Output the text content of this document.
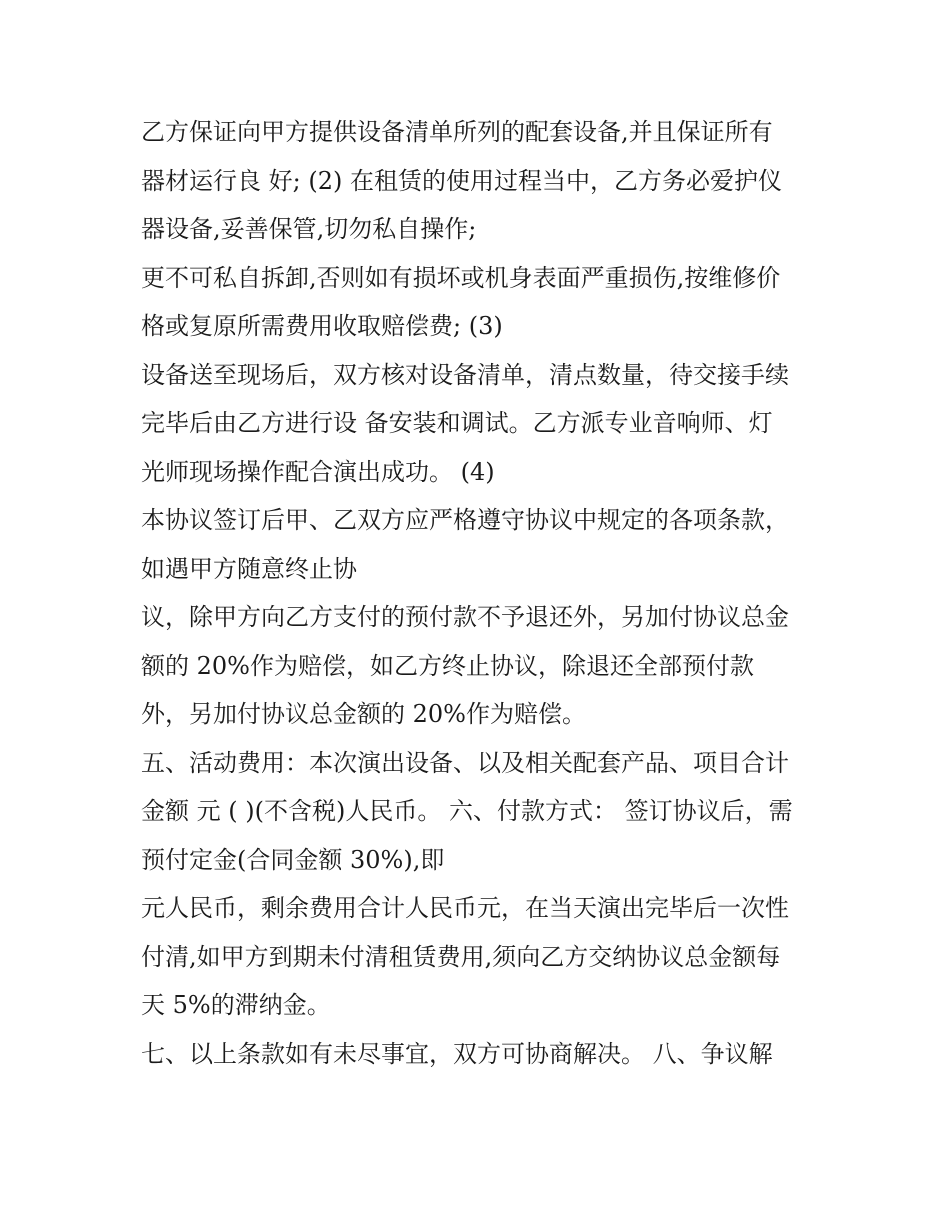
乙方保证向甲方提供设备清单所列的配套设备,并且保证所有
器材运行良 好; (2) 在租赁的使用过程当中，乙方务必爱护仪
器设备,妥善保管,切勿私自操作;
更不可私自拆卸,否则如有损坏或机身表面严重损伤,按维修价
格或复原所需费用收取赔偿费; (3)
设备送至现场后，双方核对设备清单，清点数量，待交接手续
完毕后由乙方进行设 备安装和调试。乙方派专业音响师、灯
光师现场操作配合演出成功。 (4)
本协议签订后甲、乙双方应严格遵守协议中规定的各项条款，
如遇甲方随意终止协
议，除甲方向乙方支付的预付款不予退还外，另加付协议总金
额的 20%作为赔偿，如乙方终止协议，除退还全部预付款
外，另加付协议总金额的 20%作为赔偿。
五、活动费用：本次演出设备、以及相关配套产品、项目合计
金额 元 ( )(不含税)人民币。 六、付款方式： 签订协议后，需
预付定金(合同金额 30%),即
元人民币，剩余费用合计人民币元，在当天演出完毕后一次性
付清,如甲方到期未付清租赁费用,须向乙方交纳协议总金额每
天 5%的滞纳金。
七、以上条款如有未尽事宜，双方可协商解决。 八、争议解
